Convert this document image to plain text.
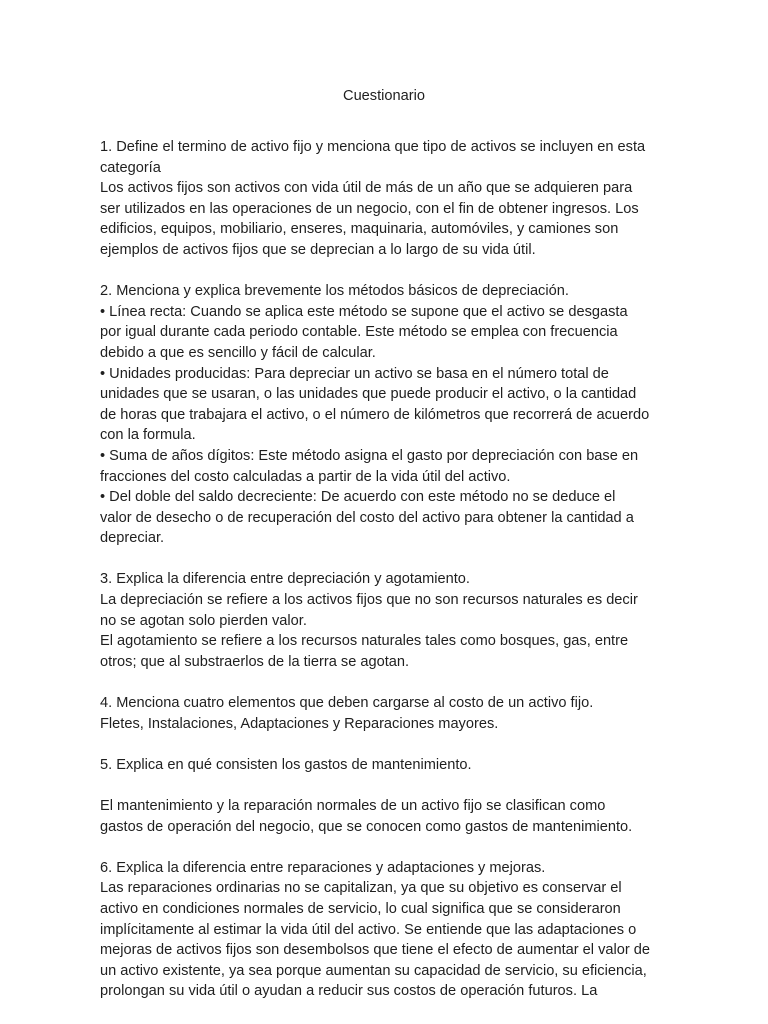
Cuestionario
1. Define el termino de activo fijo y menciona que tipo de activos se incluyen en esta
categoría
Los activos fijos son activos con vida útil de más de un año que se adquieren para
ser utilizados en las operaciones de un negocio, con el fin de obtener ingresos. Los
edificios, equipos, mobiliario, enseres, maquinaria, automóviles, y camiones son
ejemplos de activos fijos que se deprecian a lo largo de su vida útil.
2. Menciona y explica brevemente los métodos básicos de depreciación.
• Línea recta: Cuando se aplica este método se supone que el activo se desgasta
por igual durante cada periodo contable. Este método se emplea con frecuencia
debido a que es sencillo y fácil de calcular.
• Unidades producidas: Para depreciar un activo se basa en el número total de
unidades que se usaran, o las unidades que puede producir el activo, o la cantidad
de horas que trabajara el activo, o el número de kilómetros que recorrerá de acuerdo
con la formula.
• Suma de años dígitos: Este método asigna el gasto por depreciación con base en
fracciones del costo calculadas a partir de la vida útil del activo.
• Del doble del saldo decreciente: De acuerdo con este método no se deduce el
valor de desecho o de recuperación del costo del activo para obtener la cantidad a
depreciar.
3. Explica la diferencia entre depreciación y agotamiento.
La depreciación se refiere a los activos fijos que no son recursos naturales es decir
no se agotan solo pierden valor.
El agotamiento se refiere a los recursos naturales tales como bosques, gas, entre
otros; que al substraerlos de la tierra se agotan.
4. Menciona cuatro elementos que deben cargarse al costo de un activo fijo.
Fletes, Instalaciones, Adaptaciones y Reparaciones mayores.
5. Explica en qué consisten los gastos de mantenimiento.
El mantenimiento y la reparación normales de un activo fijo se clasifican como
gastos de operación del negocio, que se conocen como gastos de mantenimiento.
6. Explica la diferencia entre reparaciones y adaptaciones y mejoras.
Las reparaciones ordinarias no se capitalizan, ya que su objetivo es conservar el
activo en condiciones normales de servicio, lo cual significa que se consideraron
implícitamente al estimar la vida útil del activo. Se entiende que las adaptaciones o
mejoras de activos fijos son desembolsos que tiene el efecto de aumentar el valor de
un activo existente, ya sea porque aumentan su capacidad de servicio, su eficiencia,
prolongan su vida útil o ayudan a reducir sus costos de operación futuros. La
